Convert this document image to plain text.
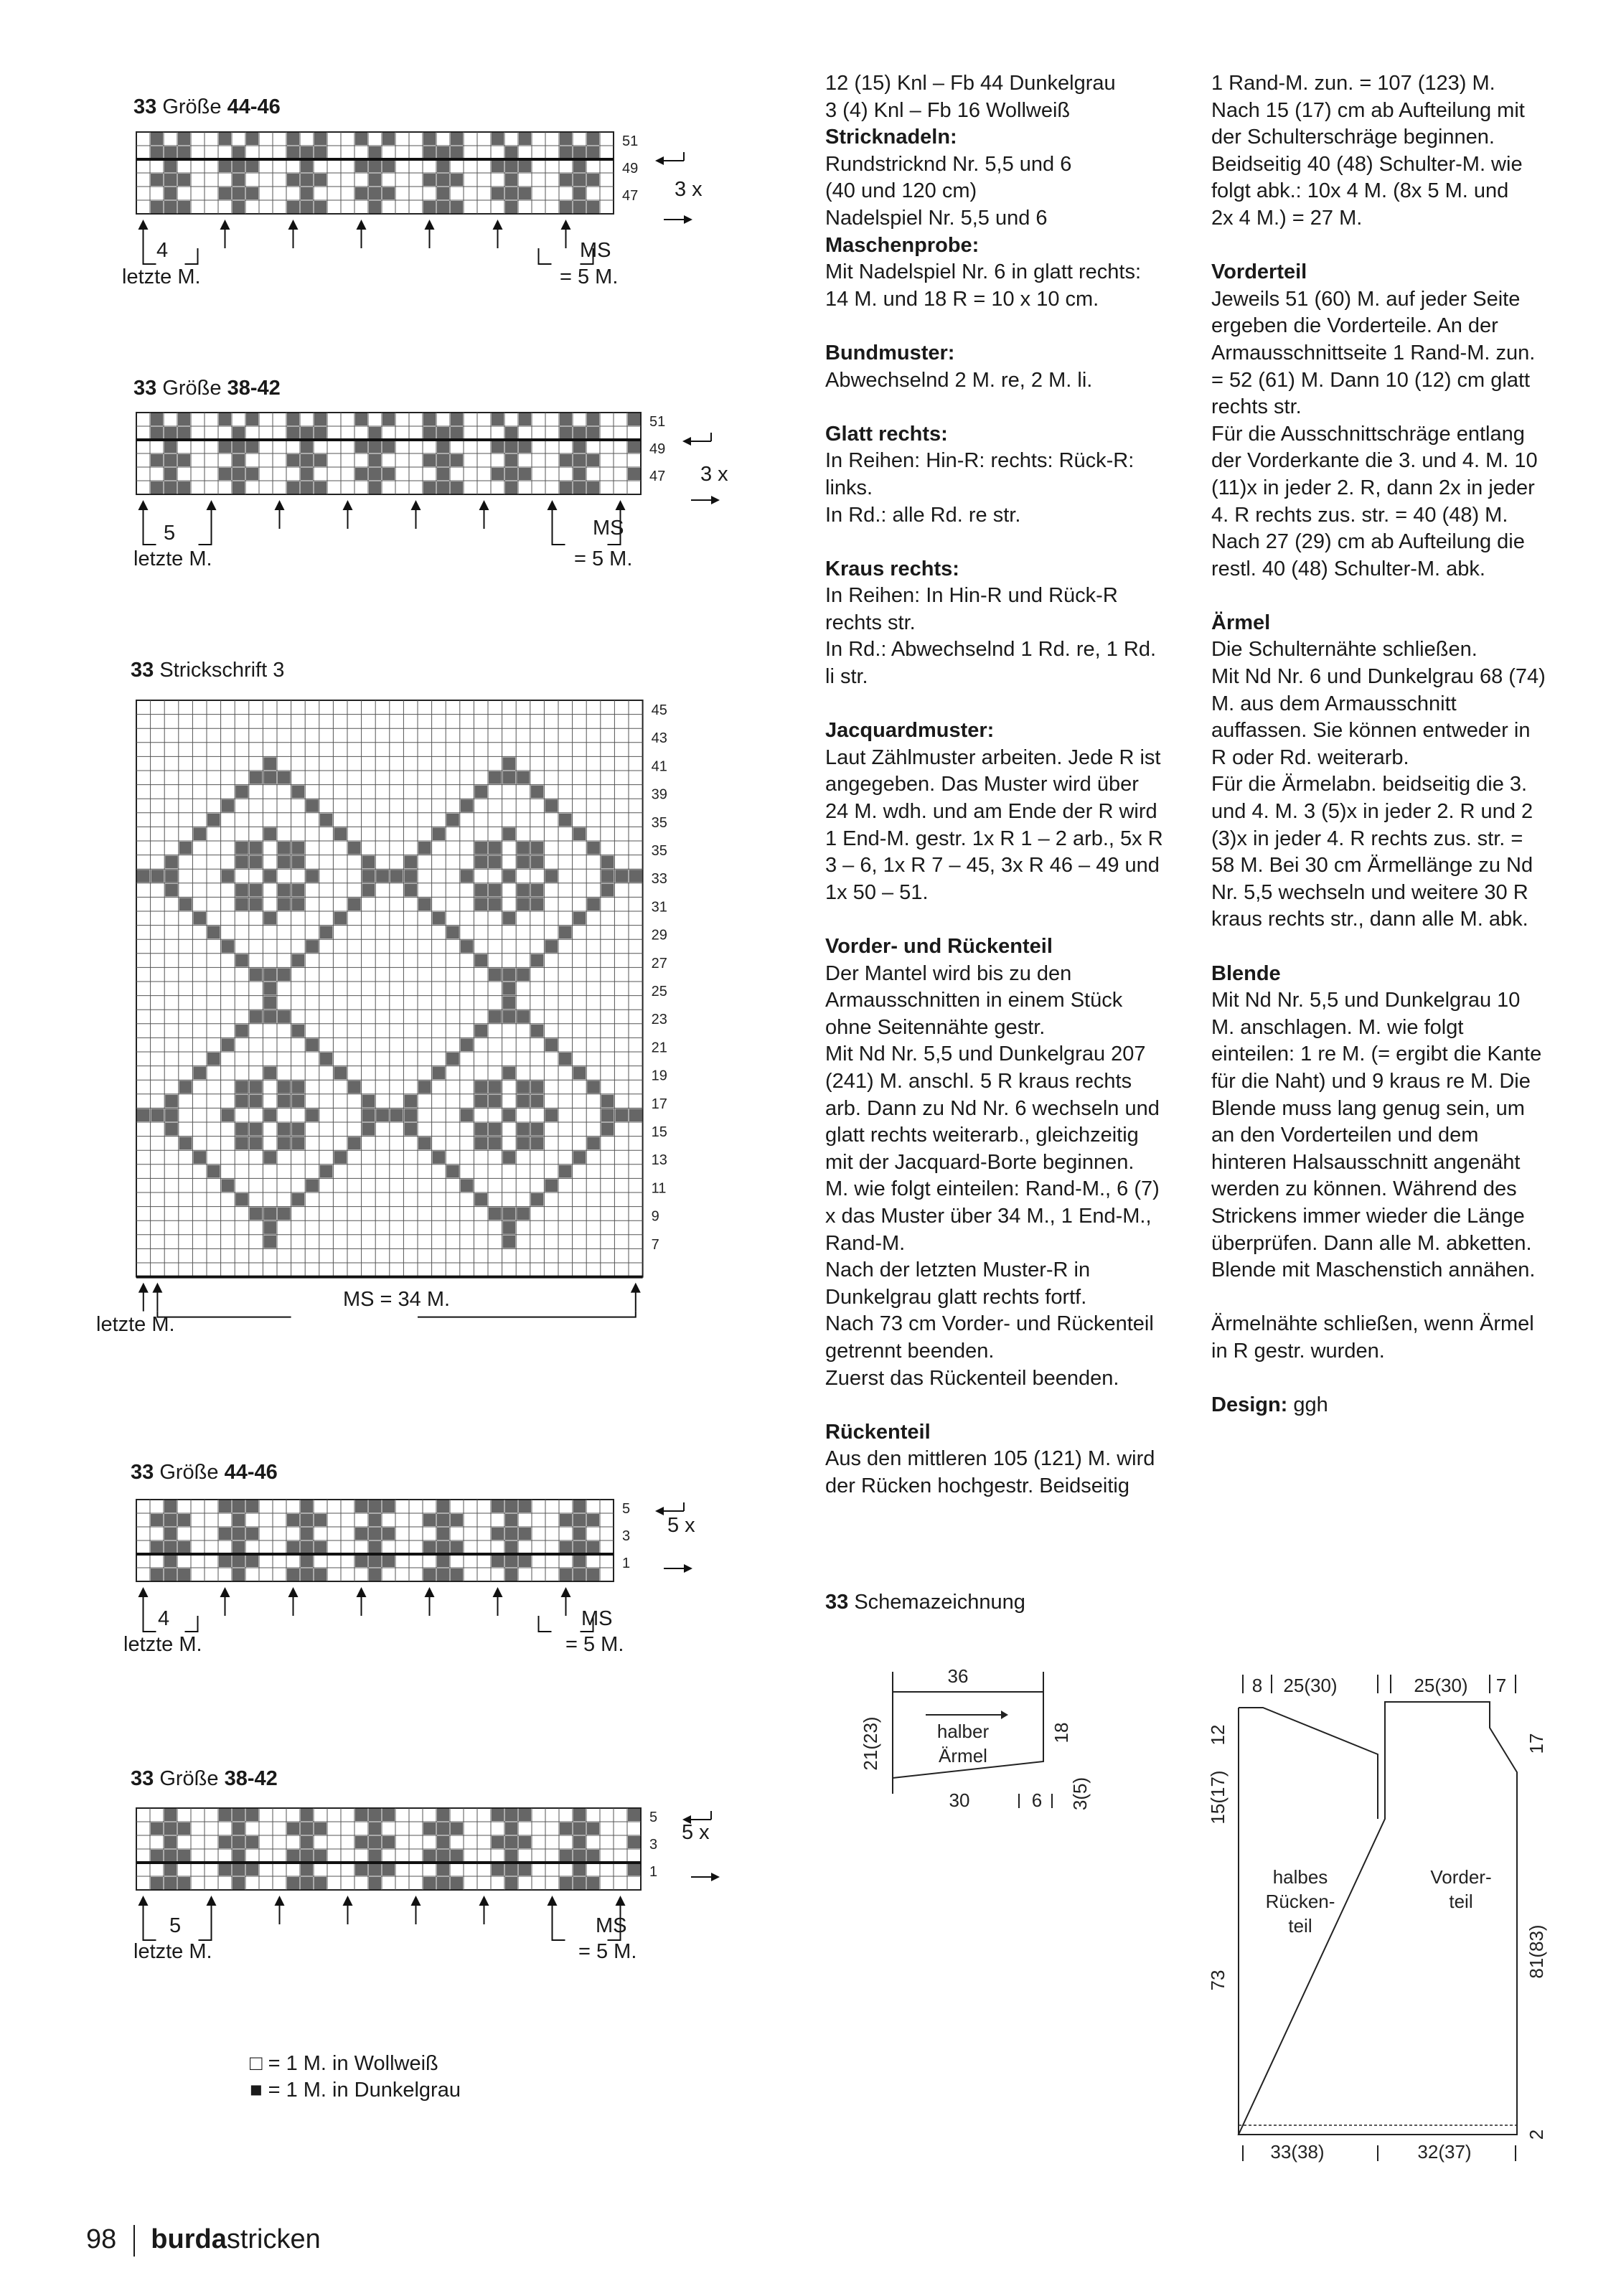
33 Größe 44-46
51
49
47
4
letzte M.
MS
= 5 M.
3 x
33 Größe 38-42
51
49
47
5
letzte M.
MS
= 5 M.
3 x
33 Strickschrift 3
45
43
41
39
35
35
33
31
29
27
25
23
21
19
17
15
13
11
9
7
letzte M.
MS = 34 M.
33 Größe 44-46
5
3
1
4
letzte M.
MS
= 5 M.
5 x
33 Größe 38-42
5
3
1
5
letzte M.
MS
= 5 M.
5 x
□ = 1 M. in Wollweiß
■ = 1 M. in Dunkelgrau

12 (15) Knl – Fb 44 Dunkelgrau
3 (4) Knl – Fb 16 Wollweiß

Stricknadeln:

Rundstricknd Nr. 5,5 und 6
(40 und 120 cm)
Nadelspiel Nr. 5,5 und 6

Maschenprobe:

Mit Nadelspiel Nr. 6 in glatt rechts:
14 M. und 18 R = 10 x 10 cm.

Bundmuster:

Abwechselnd 2 M. re, 2 M. li.

Glatt rechts:

In Reihen: Hin-R: rechts: Rück-R:
links.
In Rd.: alle Rd. re str.

Kraus rechts:

In Reihen: In Hin-R und Rück-R
rechts str.
In Rd.: Abwechselnd 1 Rd. re, 1 Rd.
li str.

Jacquardmuster:

Laut Zählmuster arbeiten. Jede R ist
angegeben. Das Muster wird über
24 M. wdh. und am Ende der R wird
1 End-M. gestr. 1x R 1 – 2 arb., 5x R
3 – 6, 1x R 7 – 45, 3x R 46 – 49 und
1x 50 – 51.

Vorder- und Rückenteil

Der Mantel wird bis zu den
Armausschnitten in einem Stück
ohne Seitennähte gestr.
Mit Nd Nr. 5,5 und Dunkelgrau 207
(241) M. anschl. 5 R kraus rechts
arb. Dann zu Nd Nr. 6 wechseln und
glatt rechts weiterarb., gleichzeitig
mit der Jacquard-Borte beginnen.
M. wie folgt einteilen: Rand-M., 6 (7)
x das Muster über 34 M., 1 End-M.,
Rand-M.
Nach der letzten Muster-R in
Dunkelgrau glatt rechts fortf.
Nach 73 cm Vorder- und Rückenteil
getrennt beenden.
Zuerst das Rückenteil beenden.

Rückenteil

Aus den mittleren 105 (121) M. wird
der Rücken hochgestr. Beidseitig

1 Rand-M. zun. = 107 (123) M.
Nach 15 (17) cm ab Aufteilung mit
der Schulterschräge beginnen.
Beidseitig 40 (48) Schulter-M. wie
folgt abk.: 10x 4 M. (8x 5 M. und
2x 4 M.) = 27 M.

Vorderteil

Jeweils 51 (60) M. auf jeder Seite
ergeben die Vorderteile. An der
Armausschnittseite 1 Rand-M. zun.
= 52 (61) M. Dann 10 (12) cm glatt
rechts str.
Für die Ausschnittschräge entlang
der Vorderkante die 3. und 4. M. 10
(11)x in jeder 2. R, dann 2x in jeder
4. R rechts zus. str. = 40 (48) M.
Nach 27 (29) cm ab Aufteilung die
restl. 40 (48) Schulter-M. abk.

Ärmel

Die Schulternähte schließen.
Mit Nd Nr. 6 und Dunkelgrau 68 (74)
M. aus dem Armausschnitt
auffassen. Sie können entweder in
R oder Rd. weiterarb.
Für die Ärmelabn. beidseitig die 3.
und 4. M. 3 (5)x in jeder 2. R und 2
(3)x in jeder 4. R rechts zus. str. =
58 M. Bei 30 cm Ärmellänge zu Nd
Nr. 5,5 wechseln und weitere 30 R
kraus rechts str., dann alle M. abk.

Blende

Mit Nd Nr. 5,5 und Dunkelgrau 10
M. anschlagen. M. wie folgt
einteilen: 1 re M. (= ergibt die Kante
für die Naht) und 9 kraus re M. Die
Blende muss lang genug sein, um
an den Vorderteilen und dem
hinteren Halsausschnitt angenäht
werden zu können. Während des
Strickens immer wieder die Länge
überprüfen. Dann alle M. abketten.
Blende mit Maschenstich annähen.

Ärmelnähte schließen, wenn Ärmel
in R gestr. wurden.

Design: ggh

33 Schemazeichnung
36
halber
Ärmel
21(23)	18
30	6 3(5)
8 25(30)	25(30) 7
12
15(17)
73
17
81(83)
2
halbes
Rücken-
teil
Vorder-
teil
33(38)	32(37)
98 burdastricken
